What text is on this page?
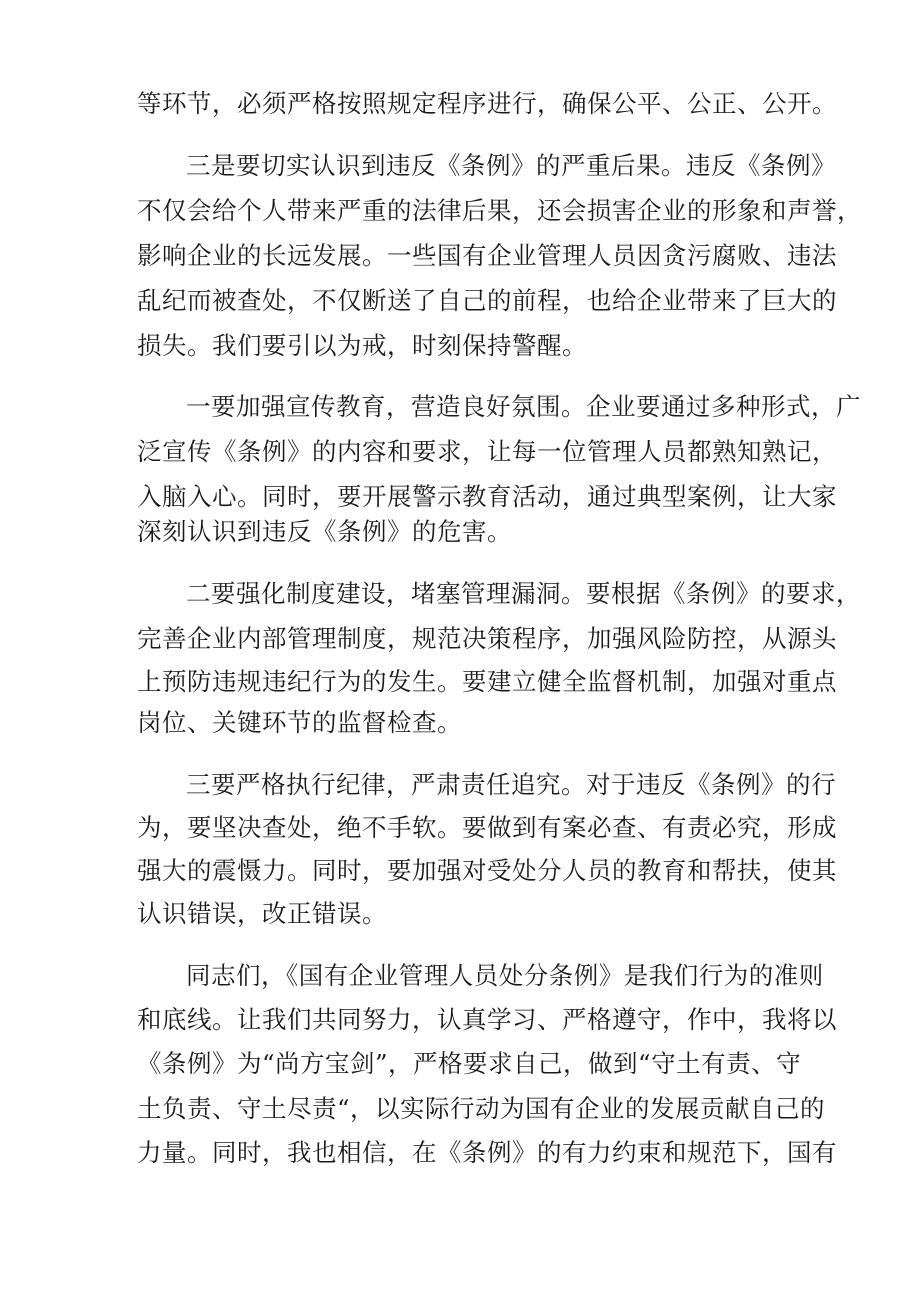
等环节，必须严格按照规定程序进行，确保公平、公正、公开。
三是要切实认识到违反《条例》的严重后果。违反《条例》
不仅会给个人带来严重的法律后果，还会损害企业的形象和声誉，
影响企业的长远发展。一些国有企业管理人员因贪污腐败、违法
乱纪而被查处，不仅断送了自己的前程，也给企业带来了巨大的
损失。我们要引以为戒，时刻保持警醒。
一要加强宣传教育，营造良好氛围。企业要通过多种形式，广
泛宣传《条例》的内容和要求，让每一位管理人员都熟知熟记，
入脑入心。同时，要开展警示教育活动，通过典型案例，让大家
深刻认识到违反《条例》的危害。
二要强化制度建设，堵塞管理漏洞。要根据《条例》的要求，
完善企业内部管理制度，规范决策程序，加强风险防控，从源头
上预防违规违纪行为的发生。要建立健全监督机制，加强对重点
岗位、关键环节的监督检查。
三要严格执行纪律，严肃责任追究。对于违反《条例》的行
为，要坚决查处，绝不手软。要做到有案必查、有责必究，形成
强大的震慑力。同时，要加强对受处分人员的教育和帮扶，使其
认识错误，改正错误。
同志们，《国有企业管理人员处分条例》是我们行为的准则
和底线。让我们共同努力，认真学习、严格遵守，作中，我将以
《条例》为“尚方宝剑”，严格要求自己，做到“守土有责、守
土负责、守土尽责“，以实际行动为国有企业的发展贡献自己的
力量。同时，我也相信，在《条例》的有力约束和规范下，国有
